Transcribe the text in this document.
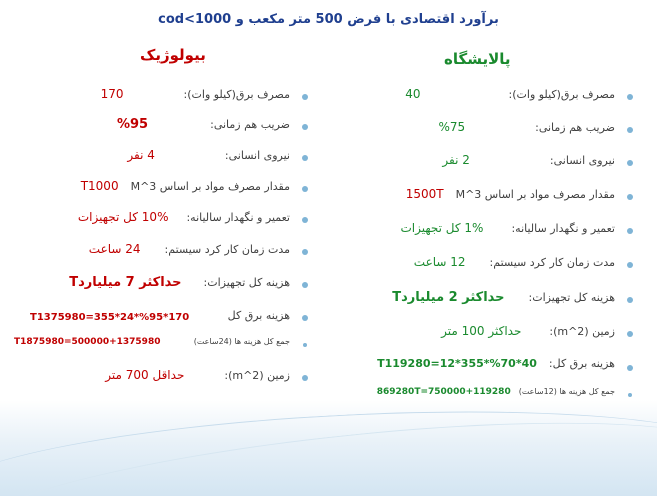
برآورد اقتصادی با فرض 500 متر مکعب و cod<1000
بیولوژیک	پالایشگاه
مصرف برق(کیلو وات):
170
ضریب هم زمانی:
%95
نیروی انسانی:
4 نفر
مقدار مصرف مواد بر اساس M^3
T1000
تعمیر و نگهدار سالیانه:
10% کل تجهیزات
مدت زمان کار کرد سیستم:
24 ساعت
هزینه کل تجهیزات:
حداکثر 7 میلیاردT
هزینه برق کل
T1375980=355*24*%95*170
جمع کل هزینه ها (24ساعت)
T1875980=500000+1375980
زمین (m^2):
حداقل 700 متر
مصرف برق(کیلو وات):
40
ضریب هم زمانی:
%75
نیروی انسانی:
2 نفر
مقدار مصرف مواد بر اساس M^3
1500T
تعمیر و نگهدار سالیانه:
1% کل تجهیزات
مدت زمان کار کرد سیستم:
12 ساعت
هزینه کل تجهیزات:
حداکثر 2 میلیاردT
زمین (m^2):
حداکثر 100 متر
هزینه برق کل:
T119280=12*355*%70*40
جمع کل هزینه ها (12ساعت)
750000+119280=869280T
